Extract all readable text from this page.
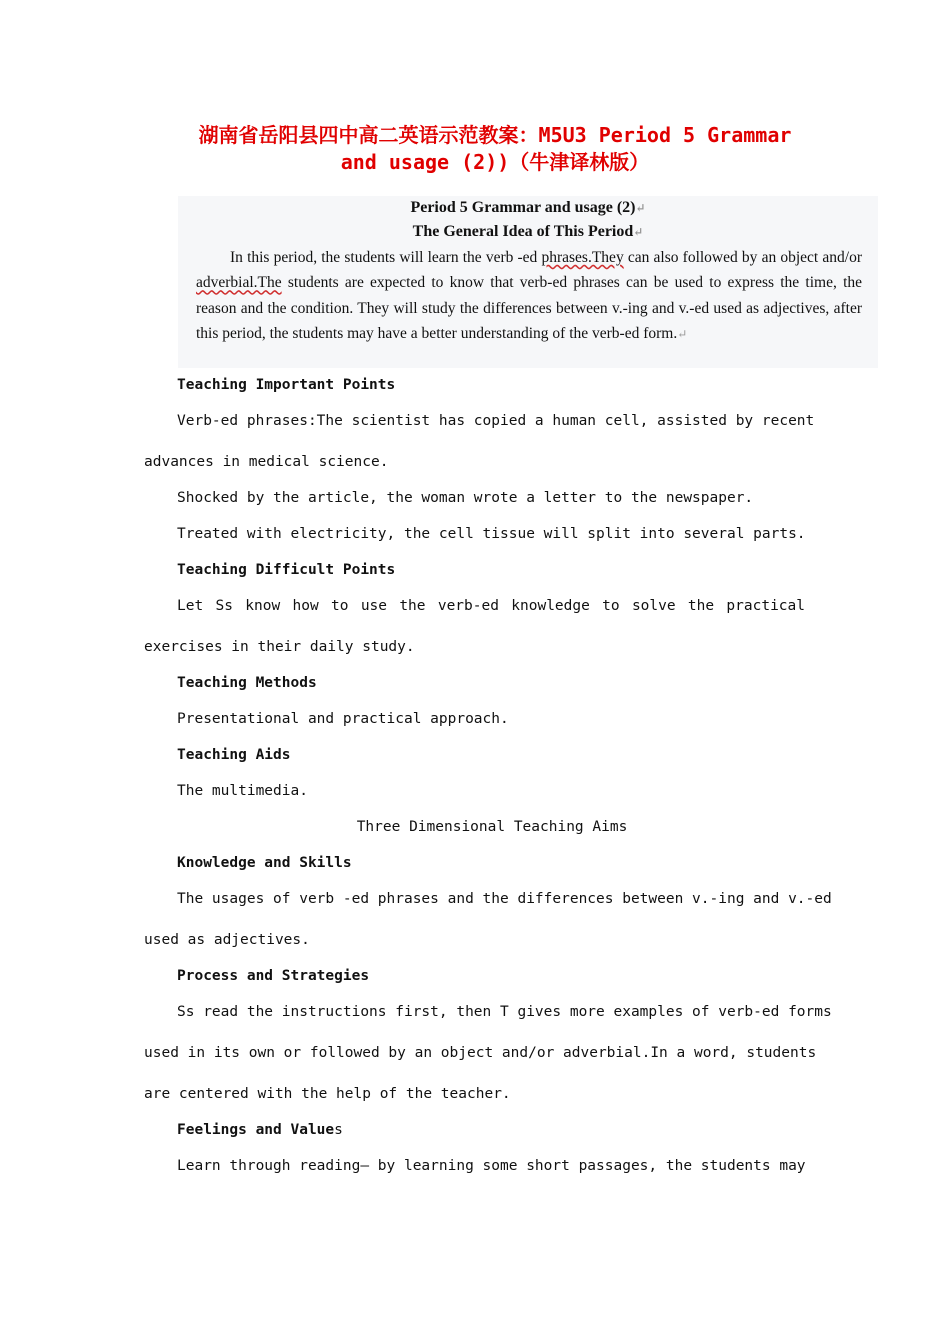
湖南省岳阳县四中高二英语示范教案：M5U3 Period 5 Grammar
and usage (2))（牛津译林版）
Period 5 Grammar and usage (2)↵
The General Idea of This Period↵
In this period, the students will learn the verb -ed phrases.They can also followed by an object and/or adverbial.The students are expected to know that verb-ed phrases can be used to express the time, the reason and the condition. They will study the differences between v.-ing and v.-ed used as adjectives, after this period, the students may have a better understanding of the verb-ed form.↵
Teaching Important Points
Verb-ed phrases:The scientist has copied a human cell, assisted by recent
advances in medical science.
Shocked by the article, the woman wrote a letter to the newspaper.
Treated with electricity, the cell tissue will split into several parts.
Teaching Difficult Points
Let Ss know how to use the verb-ed knowledge to solve the practical
exercises in their daily study.
Teaching Methods
Presentational and practical approach.
Teaching Aids
The multimedia.
Three Dimensional Teaching Aims
Knowledge and Skills
The usages of verb -ed phrases and the differences between v.-ing and v.-ed
used as adjectives.
Process and Strategies
Ss read the instructions first, then T gives more examples of verb-ed forms
used in its own or followed by an object and/or adverbial.In a word, students
are centered with the help of the teacher.
Feelings and Values
Learn through reading— by learning some short passages, the students may
